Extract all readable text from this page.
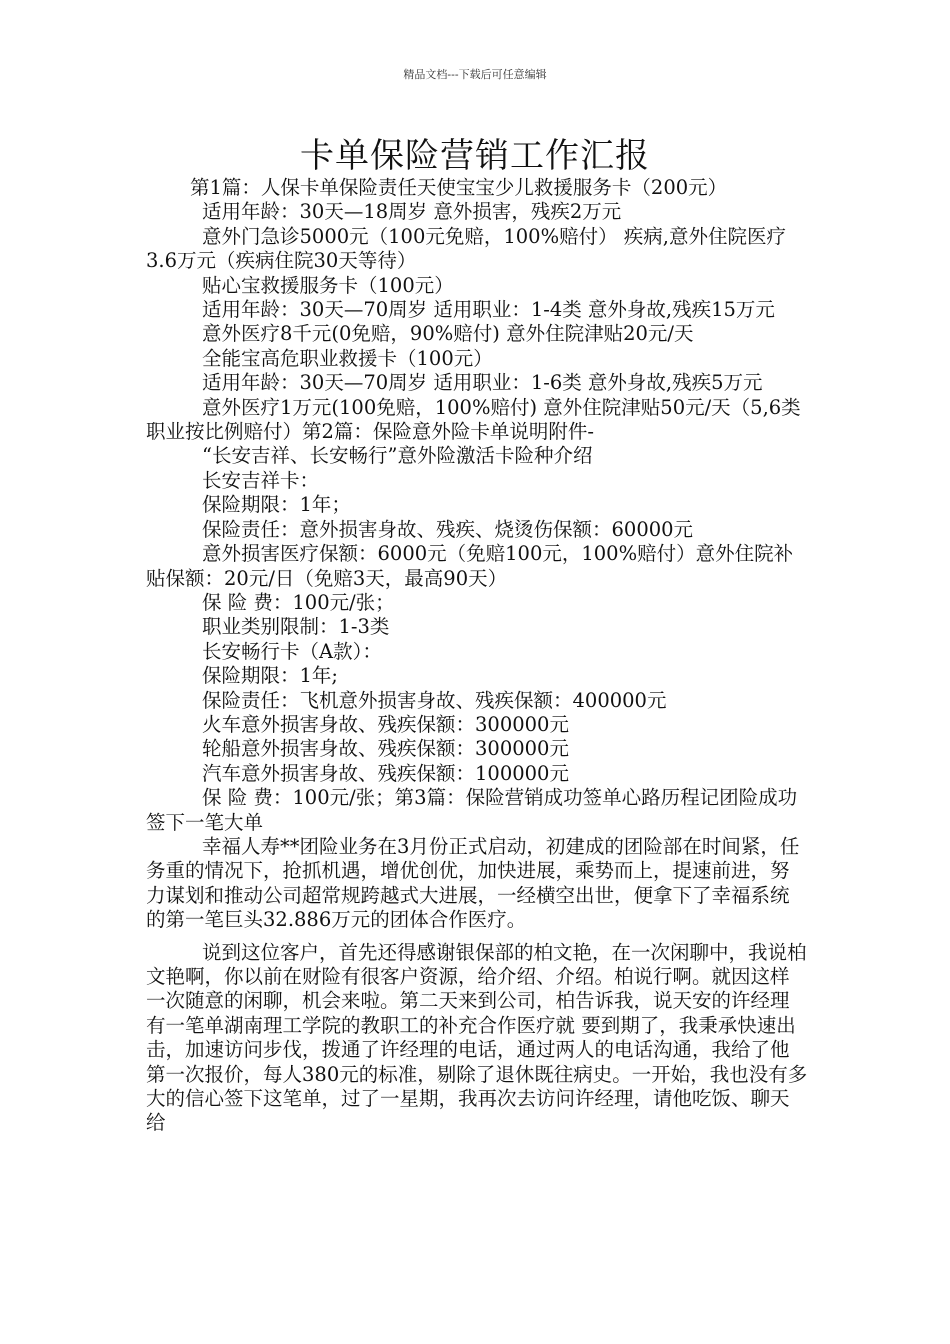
精品文档---下载后可任意编辑
卡单保险营销工作汇报

第1篇：人保卡单保险责任天使宝宝少儿救援服务卡（200元）

适用年龄：30天—18周岁 意外损害，残疾2万元

意外门急诊5000元（100元免赔，100%赔付） 疾病,意外住院医疗3.6万元（疾病住院30天等待）

贴心宝救援服务卡（100元）

适用年龄：30天—70周岁 适用职业：1-4类 意外身故,残疾15万元

意外医疗8千元(0免赔，90%赔付) 意外住院津贴20元/天

全能宝高危职业救援卡（100元）

适用年龄：30天—70周岁 适用职业：1-6类 意外身故,残疾5万元

意外医疗1万元(100免赔，100%赔付) 意外住院津贴50元/天（5,6类职业按比例赔付）第2篇：保险意外险卡单说明附件-

“长安吉祥、长安畅行”意外险激活卡险种介绍

长安吉祥卡：

保险期限：1年；

保险责任：意外损害身故、残疾、烧烫伤保额：60000元

意外损害医疗保额：6000元（免赔100元，100%赔付）意外住院补贴保额：20元/日（免赔3天，最高90天）

保 险 费：100元/张；

职业类别限制：1-3类

长安畅行卡（A款）：

保险期限：1年;

保险责任：飞机意外损害身故、残疾保额：400000元

火车意外损害身故、残疾保额：300000元

轮船意外损害身故、残疾保额：300000元

汽车意外损害身故、残疾保额：100000元

保 险 费：100元/张；第3篇：保险营销成功签单心路历程记团险成功签下一笔大单

幸福人寿**团险业务在3月份正式启动，初建成的团险部在时间紧，任务重的情况下，抢抓机遇，增优创优，加快进展，乘势而上，提速前进，努力谋划和推动公司超常规跨越式大进展，一经横空出世，便拿下了幸福系统的第一笔巨头32.886万元的团体合作医疗。

说到这位客户，首先还得感谢银保部的柏文艳，在一次闲聊中，我说柏文艳啊，你以前在财险有很客户资源，给介绍、介绍。柏说行啊。就因这样一次随意的闲聊，机会来啦。第二天来到公司，柏告诉我，说天安的许经理有一笔单湖南理工学院的教职工的补充合作医疗就 要到期了，我秉承快速出击，加速访问步伐，拨通了许经理的电话，通过两人的电话沟通，我给了他第一次报价，每人380元的标准，剔除了退休既往病史。一开始，我也没有多大的信心签下这笔单，过了一星期，我再次去访问许经理，请他吃饭、聊天给
